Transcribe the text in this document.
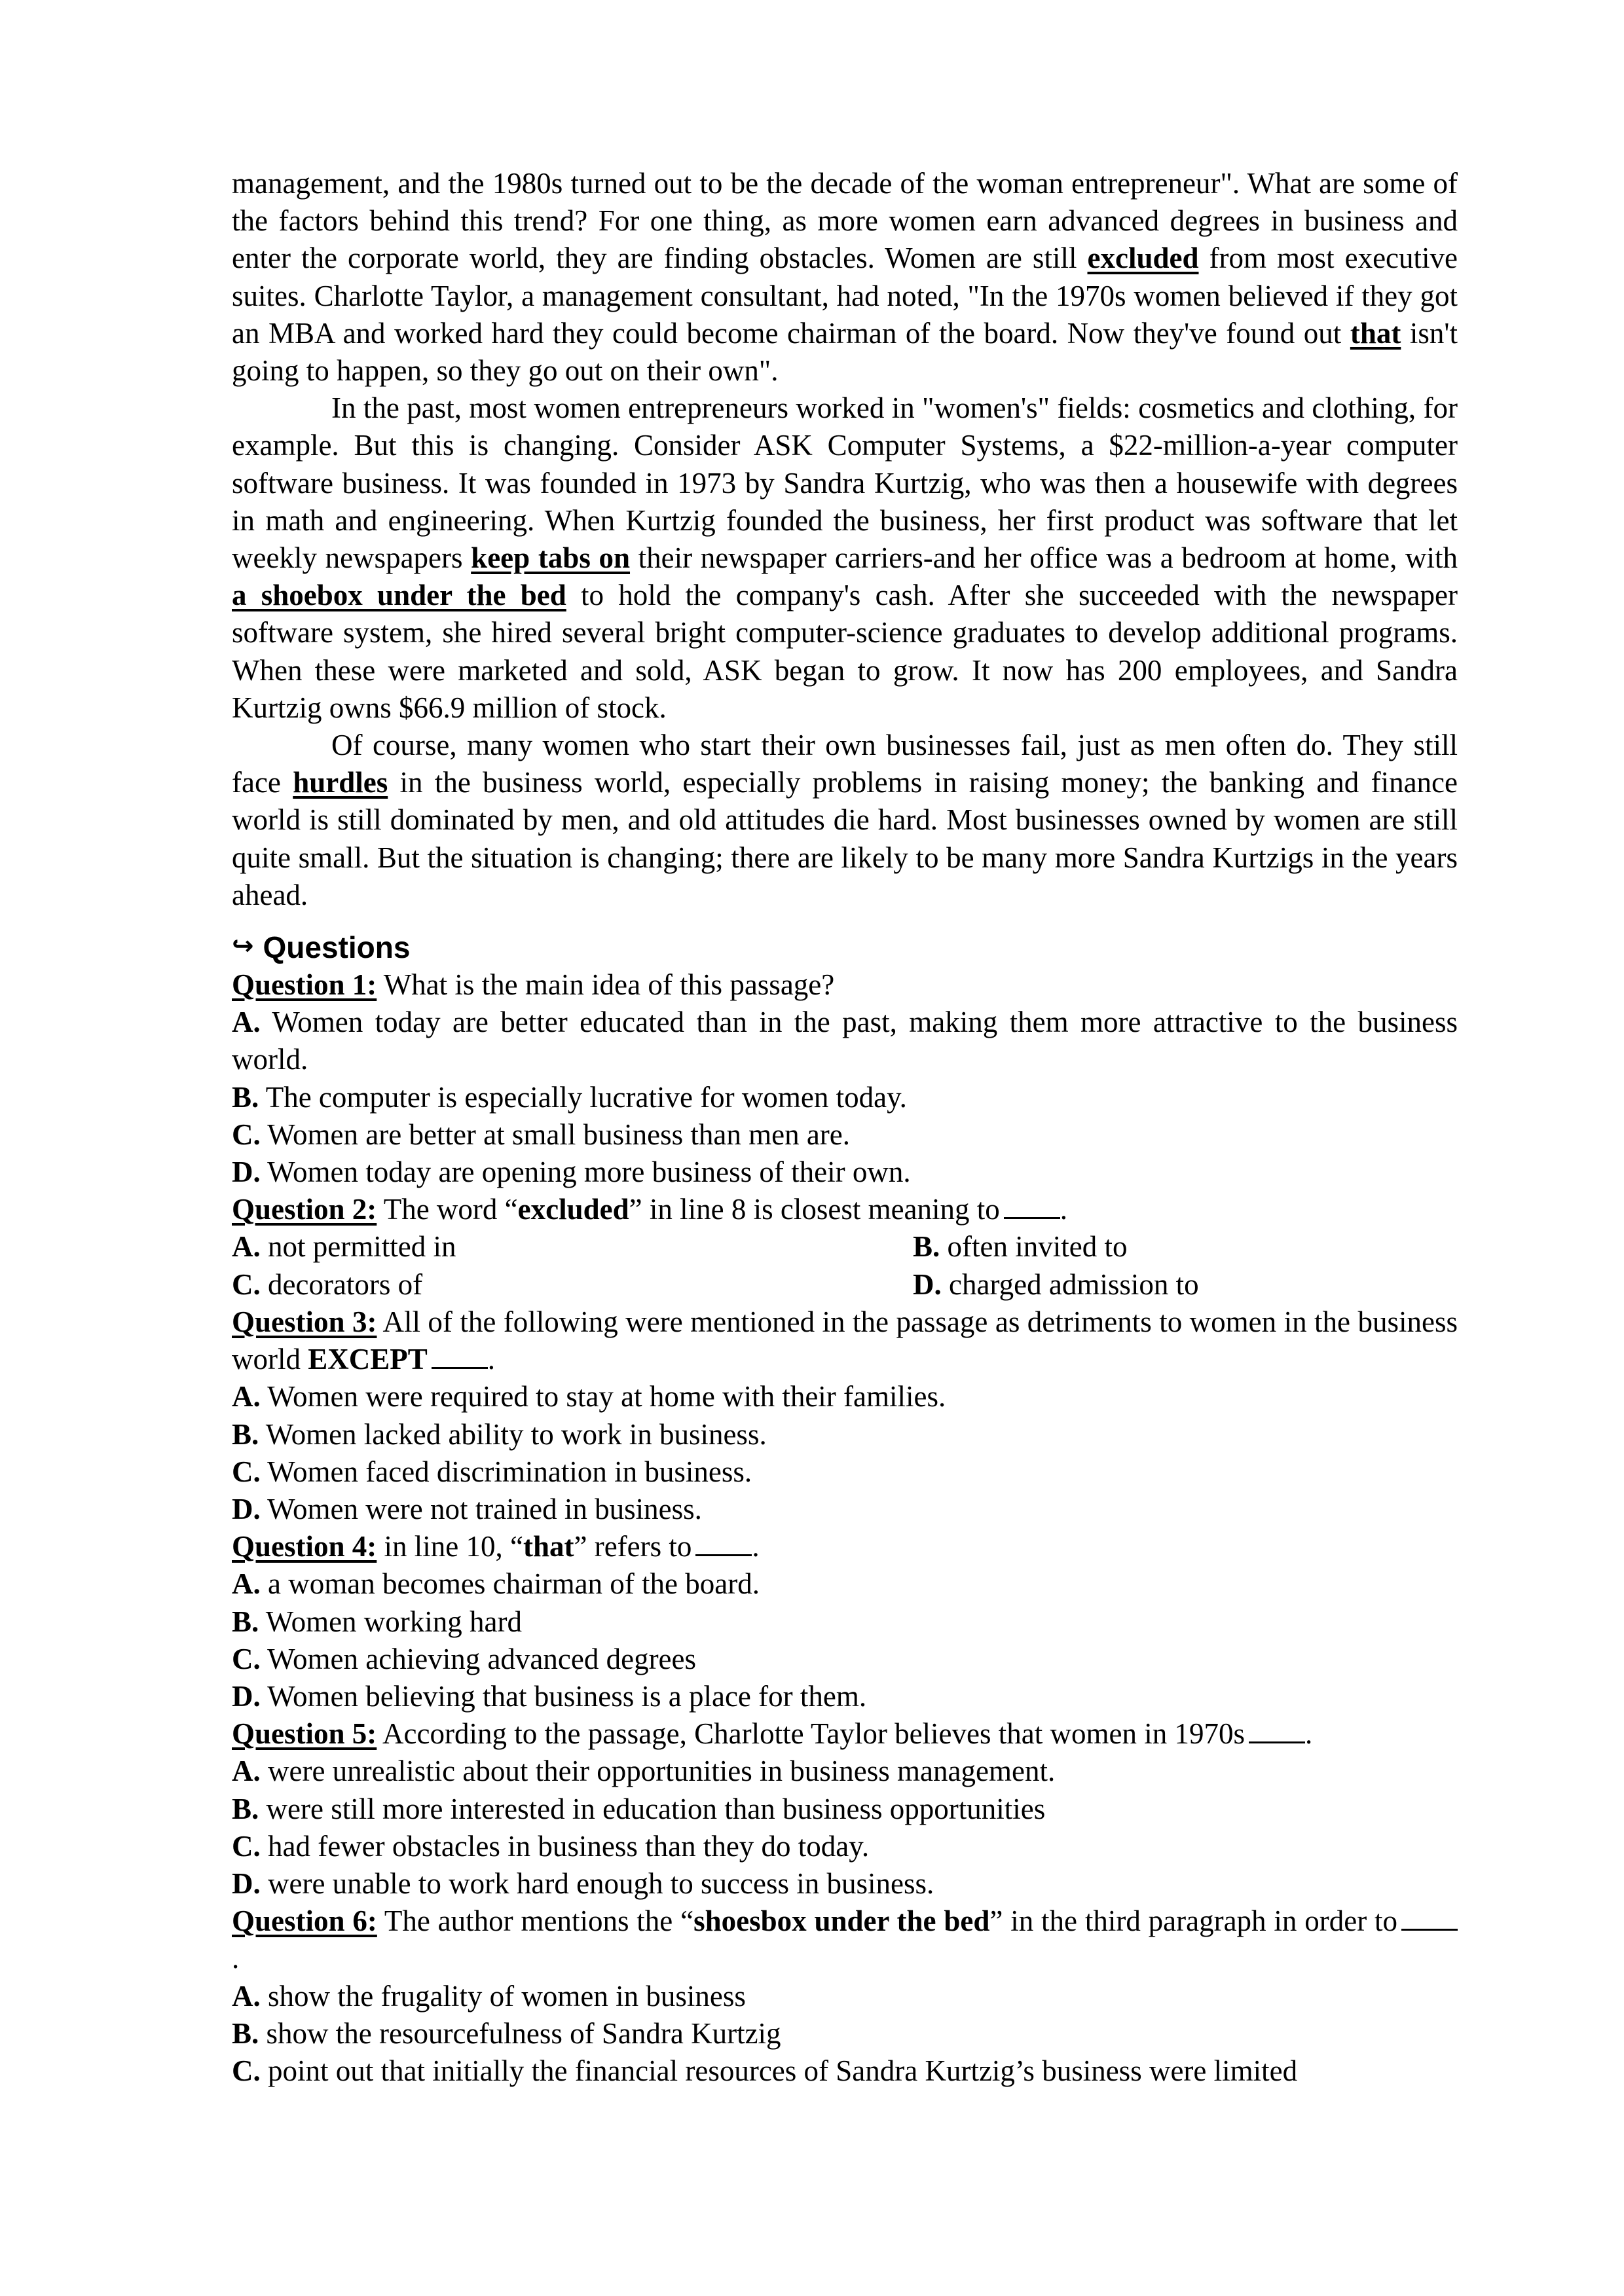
management, and the 1980s turned out to be the decade of the woman entrepreneur". What are some of the factors behind this trend? For one thing, as more women earn advanced degrees in business and enter the corporate world, they are finding obstacles. Women are still excluded from most executive suites. Charlotte Taylor, a management consultant, had noted, "In the 1970s women believed if they got an MBA and worked hard they could become chairman of the board. Now they've found out that isn't going to happen, so they go out on their own".

In the past, most women entrepreneurs worked in "women's" fields: cosmetics and clothing, for example. But this is changing. Consider ASK Computer Systems, a $22-million-a-year computer software business. It was founded in 1973 by Sandra Kurtzig, who was then a housewife with degrees in math and engineering. When Kurtzig founded the business, her first product was software that let weekly newspapers keep tabs on their newspaper carriers-and her office was a bedroom at home, with a shoebox under the bed to hold the company's cash. After she succeeded with the newspaper software system, she hired several bright computer-science graduates to develop additional programs. When these were marketed and sold, ASK began to grow. It now has 200 employees, and Sandra Kurtzig owns $66.9 million of stock.

Of course, many women who start their own businesses fail, just as men often do. They still face hurdles in the business world, especially problems in raising money; the banking and finance world is still dominated by men, and old attitudes die hard. Most businesses owned by women are still quite small. But the situation is changing; there are likely to be many more Sandra Kurtzigs in the years ahead.

↪ Questions

Question 1: What is the main idea of this passage?

A. Women today are better educated than in the past, making them more attractive to the business world.

B. The computer is especially lucrative for women today.

C. Women are better at small business than men are.

D. Women today are opening more business of their own.

Question 2: The word “excluded” in line 8 is closest meaning to .

A. not permitted in	B. often invited to

C. decorators of	D. charged admission to

Question 3: All of the following were mentioned in the passage as detriments to women in the business world EXCEPT .

A. Women were required to stay at home with their families.

B. Women lacked ability to work in business.

C. Women faced discrimination in business.

D. Women were not trained in business.

Question 4: in line 10, “that” refers to .

A. a woman becomes chairman of the board.

B. Women working hard

C. Women achieving advanced degrees

D. Women believing that business is a place for them.

Question 5: According to the passage, Charlotte Taylor believes that women in 1970s .

A. were unrealistic about their opportunities in business management.

B. were still more interested in education than business opportunities

C. had fewer obstacles in business than they do today.

D. were unable to work hard enough to success in business.

Question 6: The author mentions the “shoesbox under the bed” in the third paragraph in order to.

A. show the frugality of women in business

B. show the resourcefulness of Sandra Kurtzig

C. point out that initially the financial resources of Sandra Kurtzig’s business were limited
